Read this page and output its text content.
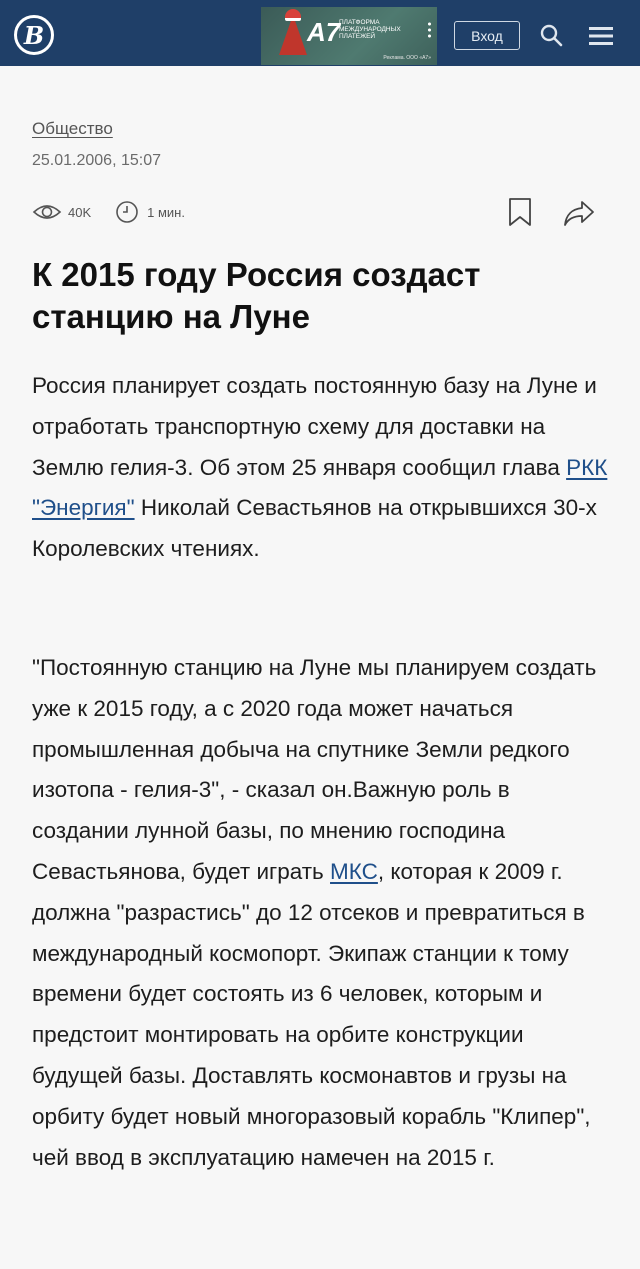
В	A7
ПЛАТФОРМА МЕЖДУНАРОДНЫХ ПЛАТЕЖЕЙ
Реклама. ООО «А7»
Вход
Общество
25.01.2006, 15:07
40K	1 мин.
К 2015 году Россия создаст станцию на Луне

Россия планирует создать постоянную базу на Луне и отработать транспортную схему для доставки на Землю гелия-3. Об этом 25 января сообщил глава РКК "Энергия" Николай Севастьянов на открывшихся 30-х Королевских чтениях.

"Постоянную станцию на Луне мы планируем создать уже к 2015 году, а с 2020 года может начаться промышленная добыча на спутнике Земли редкого изотопа - гелия-3", - сказал он.Важную роль в создании лунной базы, по мнению господина Севастьянова, будет играть МКС, которая к 2009 г. должна "разрастись" до 12 отсеков и превратиться в международный космопорт. Экипаж станции к тому времени будет состоять из 6 человек, которым и предстоит монтировать на орбите конструкции будущей базы. Доставлять космонавтов и грузы на орбиту будет новый многоразовый корабль "Клипер", чей ввод в эксплуатацию намечен на 2015 г.
